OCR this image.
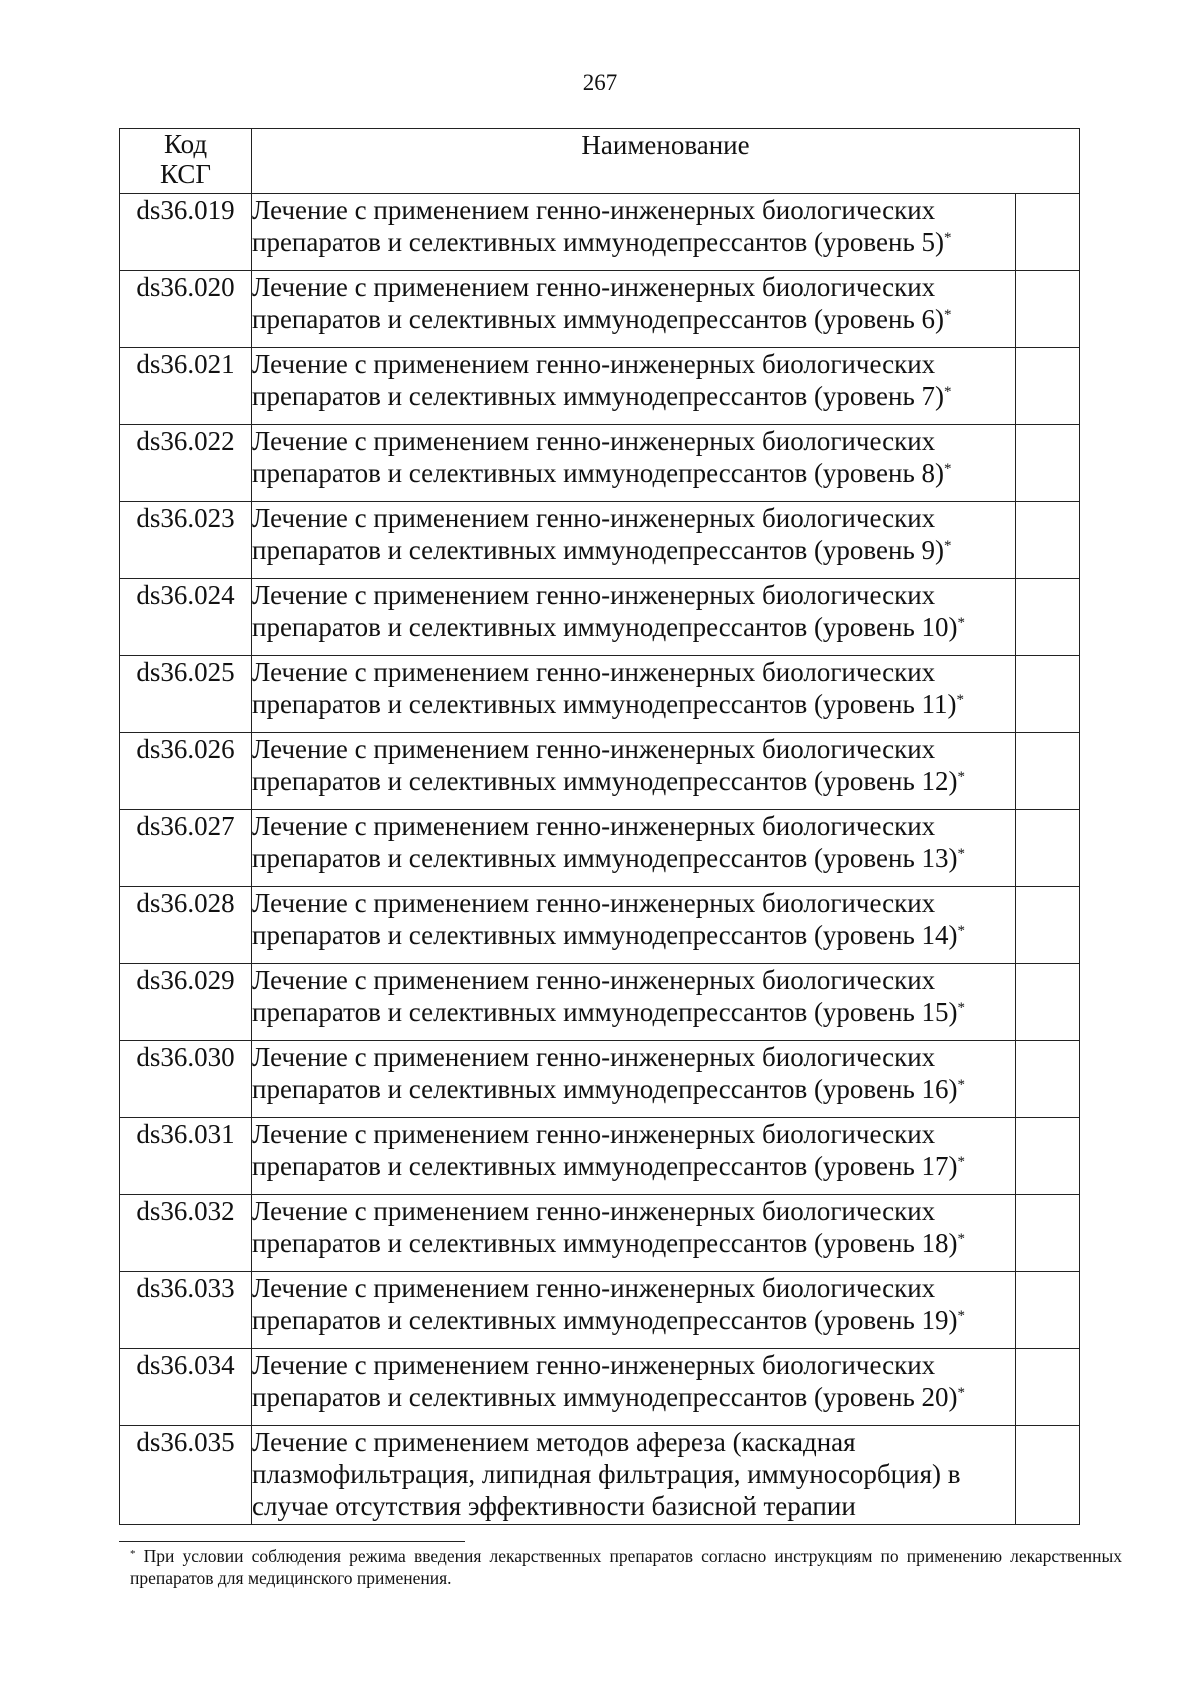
267
Код
КСГ	Наименование	
ds36.019	Лечение с применением генно-инженерных биологических препаратов и селективных иммунодепрессантов (уровень 5)*	
ds36.020	Лечение с применением генно-инженерных биологических препаратов и селективных иммунодепрессантов (уровень 6)*	
ds36.021	Лечение с применением генно-инженерных биологических препаратов и селективных иммунодепрессантов (уровень 7)*	
ds36.022	Лечение с применением генно-инженерных биологических препаратов и селективных иммунодепрессантов (уровень 8)*	
ds36.023	Лечение с применением генно-инженерных биологических препаратов и селективных иммунодепрессантов (уровень 9)*	
ds36.024	Лечение с применением генно-инженерных биологических препаратов и селективных иммунодепрессантов (уровень 10)*	
ds36.025	Лечение с применением генно-инженерных биологических препаратов и селективных иммунодепрессантов (уровень 11)*	
ds36.026	Лечение с применением генно-инженерных биологических препаратов и селективных иммунодепрессантов (уровень 12)*	
ds36.027	Лечение с применением генно-инженерных биологических препаратов и селективных иммунодепрессантов (уровень 13)*	
ds36.028	Лечение с применением генно-инженерных биологических препаратов и селективных иммунодепрессантов (уровень 14)*	
ds36.029	Лечение с применением генно-инженерных биологических препаратов и селективных иммунодепрессантов (уровень 15)*	
ds36.030	Лечение с применением генно-инженерных биологических препаратов и селективных иммунодепрессантов (уровень 16)*	
ds36.031	Лечение с применением генно-инженерных биологических препаратов и селективных иммунодепрессантов (уровень 17)*	
ds36.032	Лечение с применением генно-инженерных биологических препаратов и селективных иммунодепрессантов (уровень 18)*	
ds36.033	Лечение с применением генно-инженерных биологических препаратов и селективных иммунодепрессантов (уровень 19)*	
ds36.034	Лечение с применением генно-инженерных биологических препаратов и селективных иммунодепрессантов (уровень 20)*	
ds36.035	Лечение с применением методов афереза (каскадная плазмофильтрация, липидная фильтрация, иммуносорбция) в случае отсутствия эффективности базисной терапии	
* При условии соблюдения режима введения лекарственных препаратов согласно инструкциям по применению лекарственных препаратов для медицинского применения.
